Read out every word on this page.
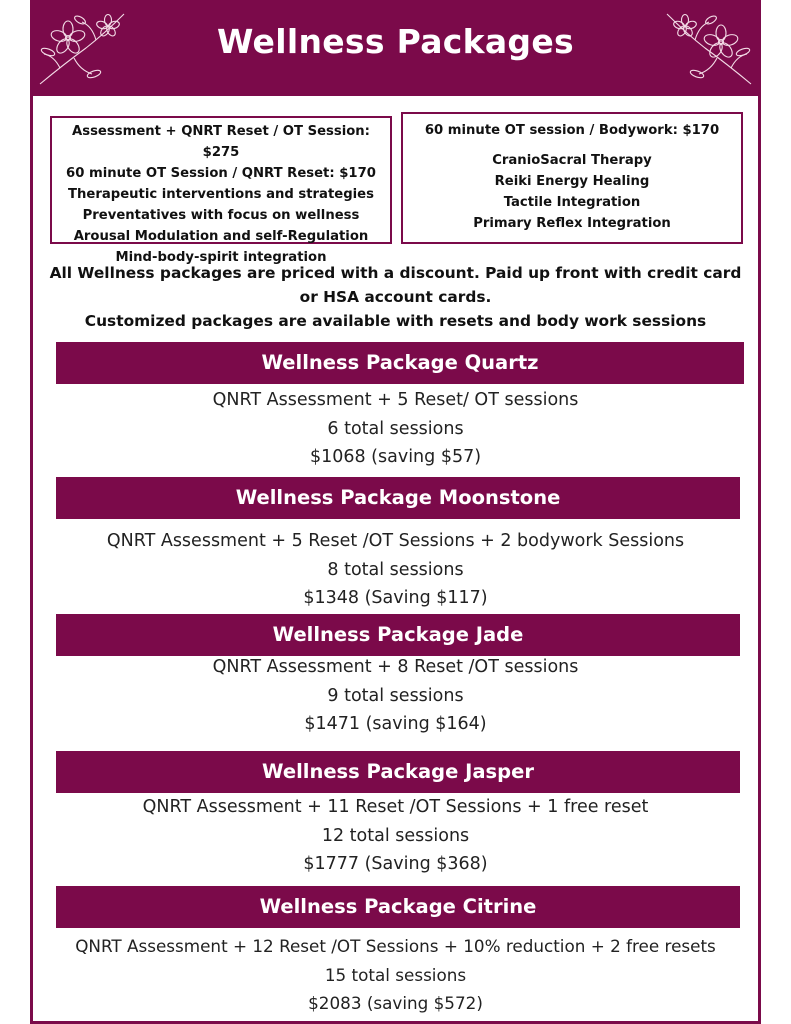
Wellness Packages
Assessment + QNRT Reset / OT Session: $275
60 minute OT Session / QNRT Reset: $170
Therapeutic interventions and strategies
Preventatives with focus on wellness
Arousal Modulation and self-Regulation
Mind-body-spirit integration
60 minute OT session / Bodywork: $170
CranioSacral Therapy
Reiki Energy Healing
Tactile Integration
Primary Reflex Integration
All Wellness packages are priced with a discount. Paid up front with credit card
or HSA account cards.
Customized packages are available with resets and body work sessions
Wellness Package Quartz
QNRT Assessment + 5 Reset/ OT sessions
6 total sessions
$1068 (saving $57)
Wellness Package Moonstone
QNRT Assessment + 5 Reset /OT Sessions + 2 bodywork Sessions
8 total sessions
$1348 (Saving $117)
Wellness Package Jade
QNRT Assessment + 8 Reset /OT sessions
9 total sessions
$1471 (saving $164)
Wellness Package Jasper
QNRT Assessment + 11 Reset /OT Sessions + 1 free reset
12 total sessions
$1777 (Saving $368)
Wellness Package Citrine
QNRT Assessment + 12 Reset /OT Sessions + 10% reduction + 2 free resets
15 total sessions
$2083 (saving $572)
